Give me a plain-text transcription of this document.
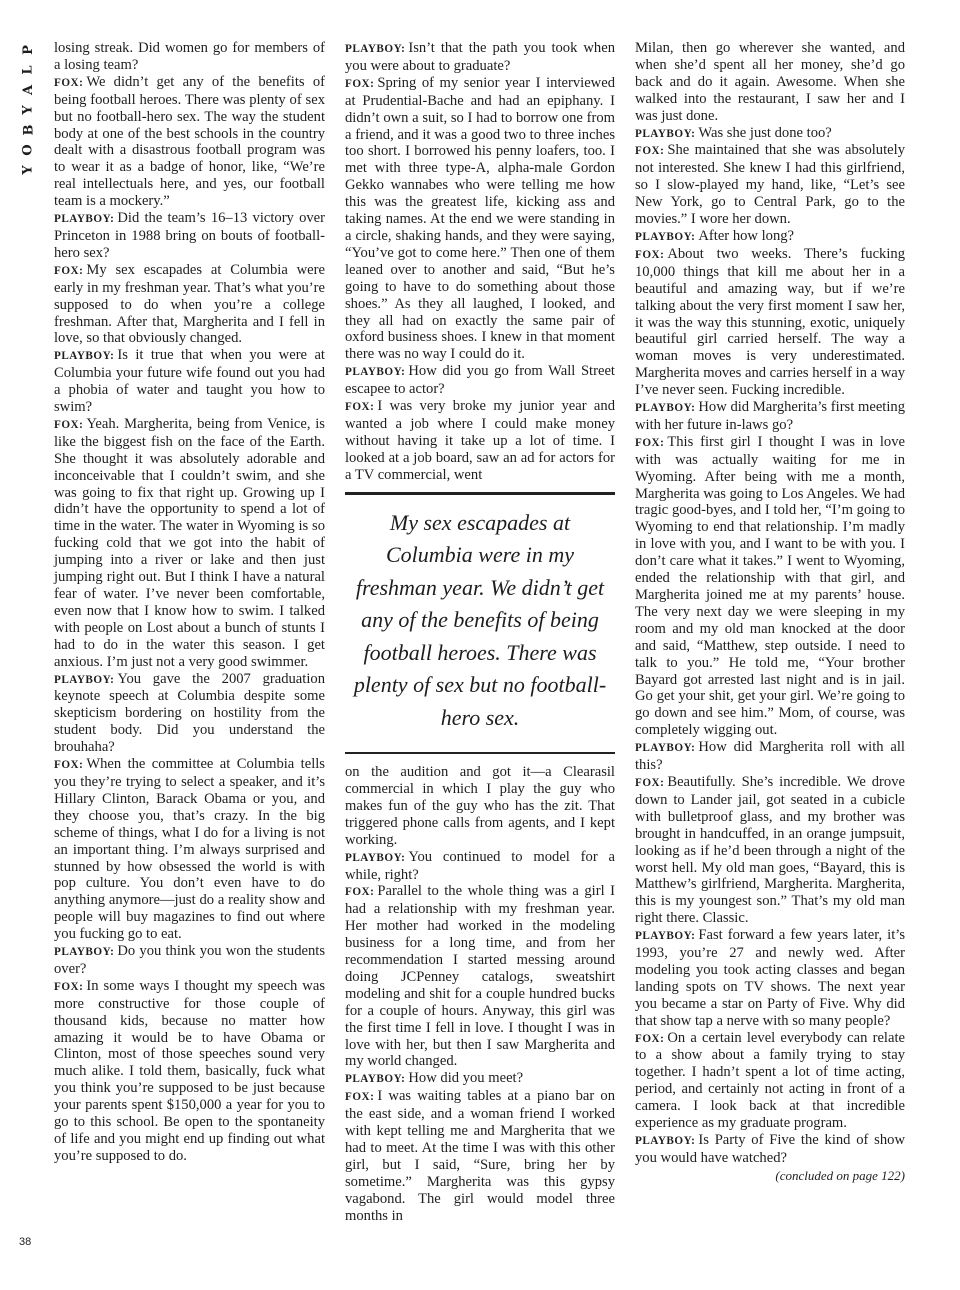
P
L
A
Y
B
O
Y
38

losing streak. Did women go for members of a losing team?

FOX: We didn’t get any of the benefits of being football heroes. There was plenty of sex but no football-hero sex. The way the student body at one of the best schools in the country dealt with a disastrous football program was to wear it as a badge of honor, like, “We’re real intellectuals here, and yes, our football team is a mockery.”

PLAYBOY: Did the team’s 16–13 victory over Princeton in 1988 bring on bouts of football-hero sex?

FOX: My sex escapades at Columbia were early in my freshman year. That’s what you’re supposed to do when you’re a college freshman. After that, Margherita and I fell in love, so that obviously changed.

PLAYBOY: Is it true that when you were at Columbia your future wife found out you had a phobia of water and taught you how to swim?

FOX: Yeah. Margherita, being from Venice, is like the biggest fish on the face of the Earth. She thought it was absolutely adorable and inconceivable that I couldn’t swim, and she was going to fix that right up. Growing up I didn’t have the opportunity to spend a lot of time in the water. The water in Wyoming is so fucking cold that we got into the habit of jumping into a river or lake and then just jumping right out. But I think I have a natural fear of water. I’ve never been comfortable, even now that I know how to swim. I talked with people on Lost about a bunch of stunts I had to do in the water this season. I get anxious. I’m just not a very good swimmer.

PLAYBOY: You gave the 2007 graduation keynote speech at Columbia despite some skepticism bordering on hostility from the student body. Did you understand the brouhaha?

FOX: When the committee at Columbia tells you they’re trying to select a speaker, and it’s Hillary Clinton, Barack Obama or you, and they choose you, that’s crazy. In the big scheme of things, what I do for a living is not an important thing. I’m always surprised and stunned by how obsessed the world is with pop culture. You don’t even have to do anything anymore—just do a reality show and people will buy magazines to find out where you fucking go to eat.

PLAYBOY: Do you think you won the students over?

FOX: In some ways I thought my speech was more constructive for those couple of thousand kids, because no matter how amazing it would be to have Obama or Clinton, most of those speeches sound very much alike. I told them, basically, fuck what you think you’re supposed to be just because your parents spent $150,000 a year for you to go to this school. Be open to the spontaneity of life and you might end up finding out what you’re supposed to do.

PLAYBOY: Isn’t that the path you took when you were about to graduate?

FOX: Spring of my senior year I interviewed at Prudential-Bache and had an epiphany. I didn’t own a suit, so I had to borrow one from a friend, and it was a good two to three inches too short. I borrowed his penny loafers, too. I met with three type-A, alpha-male Gordon Gekko wannabes who were telling me how this was the greatest life, kicking ass and taking names. At the end we were standing in a circle, shaking hands, and they were saying, “You’ve got to come here.” Then one of them leaned over to another and said, “But he’s going to have to do something about those shoes.” As they all laughed, I looked, and they all had on exactly the same pair of oxford business shoes. I knew in that moment there was no way I could do it.

PLAYBOY: How did you go from Wall Street escapee to actor?

FOX: I was very broke my junior year and wanted a job where I could make money without having it take up a lot of time. I looked at a job board, saw an ad for actors for a TV commercial, went

My sex escapades at Columbia were in my freshman year. We didn’t get any of the benefits of being football heroes. There was plenty of sex but no football-hero sex.

on the audition and got it—a Clearasil commercial in which I play the guy who makes fun of the guy who has the zit. That triggered phone calls from agents, and I kept working.

PLAYBOY: You continued to model for a while, right?

FOX: Parallel to the whole thing was a girl I had a relationship with my freshman year. Her mother had worked in the modeling business for a long time, and from her recommendation I started messing around doing JCPenney catalogs, sweatshirt modeling and shit for a couple hundred bucks for a couple of hours. Anyway, this girl was the first time I fell in love. I thought I was in love with her, but then I saw Margherita and my world changed.

PLAYBOY: How did you meet?

FOX: I was waiting tables at a piano bar on the east side, and a woman friend I worked with kept telling me and Margherita that we had to meet. At the time I was with this other girl, but I said, “Sure, bring her by sometime.” Margherita was this gypsy vagabond. The girl would model three months in

Milan, then go wherever she wanted, and when she’d spent all her money, she’d go back and do it again. Awesome. When she walked into the restaurant, I saw her and I was just done.

PLAYBOY: Was she just done too?

FOX: She maintained that she was absolutely not interested. She knew I had this girlfriend, so I slow-played my hand, like, “Let’s see New York, go to Central Park, go to the movies.” I wore her down.

PLAYBOY: After how long?

FOX: About two weeks. There’s fucking 10,000 things that kill me about her in a beautiful and amazing way, but if we’re talking about the very first moment I saw her, it was the way this stunning, exotic, uniquely beautiful girl carried herself. The way a woman moves is very underestimated. Margherita moves and carries herself in a way I’ve never seen. Fucking incredible.

PLAYBOY: How did Margherita’s first meeting with her future in-laws go?

FOX: This first girl I thought I was in love with was actually waiting for me in Wyoming. After being with me a month, Margherita was going to Los Angeles. We had tragic good-byes, and I told her, “I’m going to Wyoming to end that relationship. I’m madly in love with you, and I want to be with you. I don’t care what it takes.” I went to Wyoming, ended the relationship with that girl, and Margherita joined me at my parents’ house. The very next day we were sleeping in my room and my old man knocked at the door and said, “Matthew, step outside. I need to talk to you.” He told me, “Your brother Bayard got arrested last night and is in jail. Go get your shit, get your girl. We’re going to go down and see him.” Mom, of course, was completely wigging out.

PLAYBOY: How did Margherita roll with all this?

FOX: Beautifully. She’s incredible. We drove down to Lander jail, got seated in a cubicle with bulletproof glass, and my brother was brought in handcuffed, in an orange jumpsuit, looking as if he’d been through a night of the worst hell. My old man goes, “Bayard, this is Matthew’s girlfriend, Margherita. Margherita, this is my youngest son.” That’s my old man right there. Classic.

PLAYBOY: Fast forward a few years later, it’s 1993, you’re 27 and newly wed. After modeling you took acting classes and began landing spots on TV shows. The next year you became a star on Party of Five. Why did that show tap a nerve with so many people?

FOX: On a certain level everybody can relate to a show about a family trying to stay together. I hadn’t spent a lot of time acting, period, and certainly not acting in front of a camera. I look back at that incredible experience as my graduate program.

PLAYBOY: Is Party of Five the kind of show you would have watched?

(concluded on page 122)
